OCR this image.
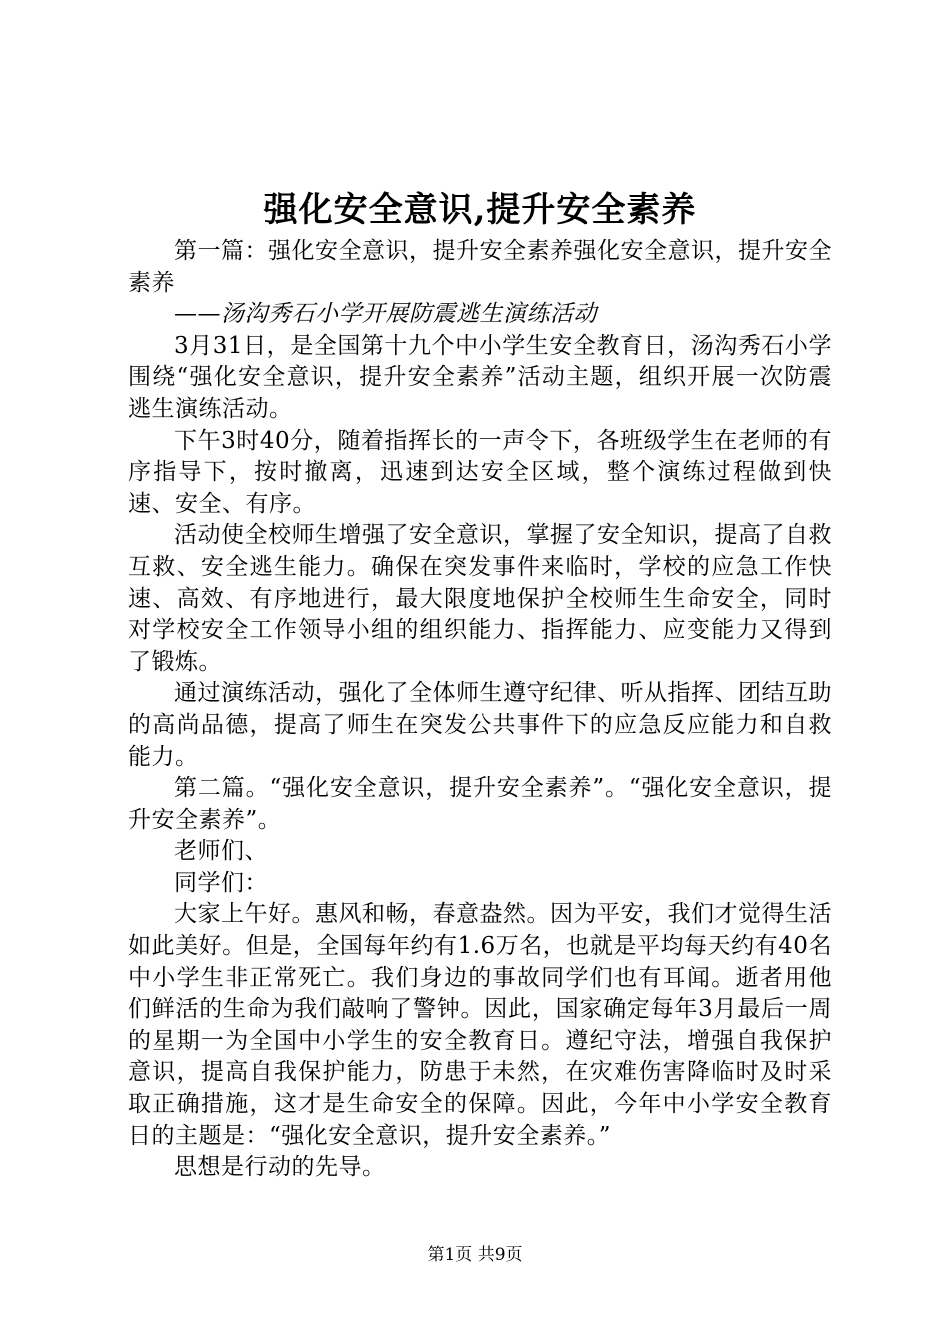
强化安全意识,提升安全素养

第一篇：强化安全意识，提升安全素养强化安全意识，提升安全素养

——汤沟秀石小学开展防震逃生演练活动

3月31日，是全国第十九个中小学生安全教育日，汤沟秀石小学围绕“强化安全意识，提升安全素养”活动主题，组织开展一次防震逃生演练活动。

下午3时40分，随着指挥长的一声令下，各班级学生在老师的有序指导下，按时撤离，迅速到达安全区域，整个演练过程做到快速、安全、有序。

活动使全校师生增强了安全意识，掌握了安全知识，提高了自救互救、安全逃生能力。确保在突发事件来临时，学校的应急工作快速、高效、有序地进行，最大限度地保护全校师生生命安全，同时对学校安全工作领导小组的组织能力、指挥能力、应变能力又得到了锻炼。

通过演练活动，强化了全体师生遵守纪律、听从指挥、团结互助的高尚品德，提高了师生在突发公共事件下的应急反应能力和自救能力。

第二篇。“强化安全意识，提升安全素养”。“强化安全意识，提升安全素养”。

老师们、

同学们：

大家上午好。惠风和畅，春意盎然。因为平安，我们才觉得生活如此美好。但是，全国每年约有1.6万名，也就是平均每天约有40名中小学生非正常死亡。我们身边的事故同学们也有耳闻。逝者用他们鲜活的生命为我们敲响了警钟。因此，国家确定每年3月最后一周的星期一为全国中小学生的安全教育日。遵纪守法，增强自我保护意识，提高自我保护能力，防患于未然，在灾难伤害降临时及时采取正确措施，这才是生命安全的保障。因此，今年中小学安全教育日的主题是：“强化安全意识，提升安全素养。”

思想是行动的先导。

第1页 共9页
